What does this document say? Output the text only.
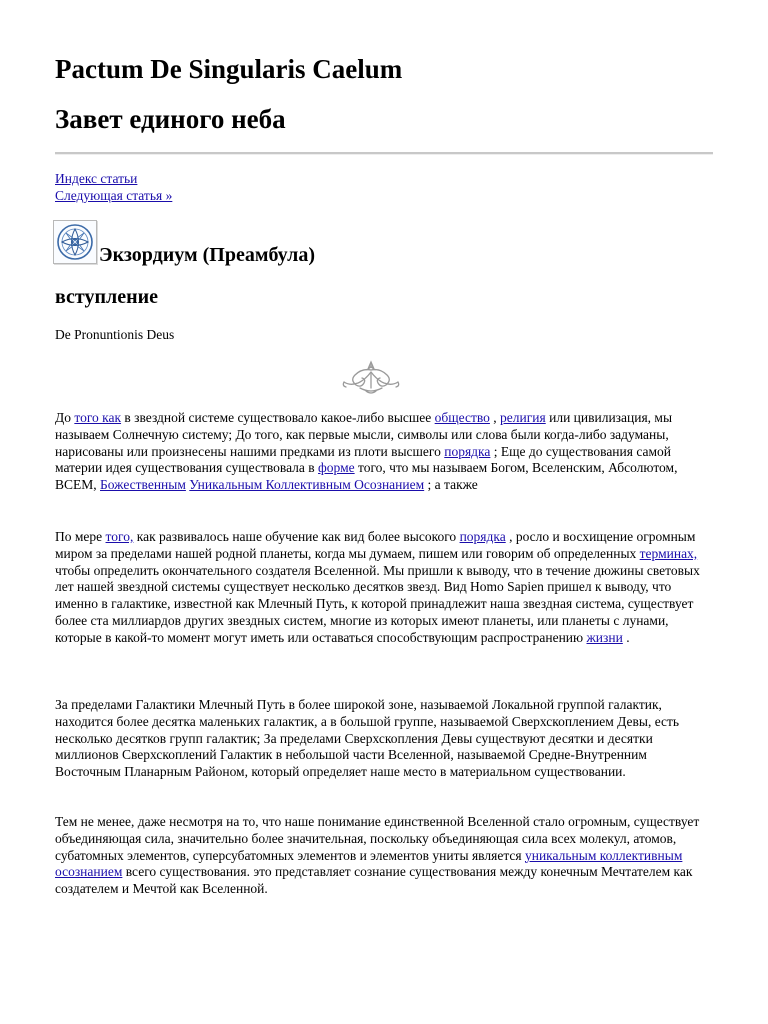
Pactum De Singularis Caelum
Завет единого неба
Индекс статьи
Следующая статья »
Экзордиум (Преамбула)
вступление

De Pronuntionis Deus

До того как в звездной системе существовало какое-либо высшее общество , религия или цивилизация, мы называем Солнечную систему; До того, как первые мысли, символы или слова были когда-либо задуманы, нарисованы или произнесены нашими предками из плоти высшего порядка ; Еще до существования самой материи идея существования существовала в форме того, что мы называем Богом, Вселенским, Абсолютом, ВСЕМ, Божественным Уникальным Коллективным Осознанием ; а также

По мере того, как развивалось наше обучение как вид более высокого порядка , росло и восхищение огромным миром за пределами нашей родной планеты, когда мы думаем, пишем или говорим об определенных терминах, чтобы определить окончательного создателя Вселенной. Мы пришли к выводу, что в течение дюжины световых лет нашей звездной системы существует несколько десятков звезд. Вид Homo Sapien пришел к выводу, что именно в галактике, известной как Млечный Путь, к которой принадлежит наша звездная система, существует более ста миллиардов других звездных систем, многие из которых имеют планеты, или планеты с лунами, которые в какой-то момент могут иметь или оставаться способствующим распространению жизни .

За пределами Галактики Млечный Путь в более широкой зоне, называемой Локальной группой галактик, находится более десятка маленьких галактик, а в большой группе, называемой Сверхскоплением Девы, есть несколько десятков групп галактик; За пределами Сверхскопления Девы существуют десятки и десятки миллионов Сверхскоплений Галактик в небольшой части Вселенной, называемой Средне-Внутренним Восточным Планарным Районом, который определяет наше место в материальном существовании.

Тем не менее, даже несмотря на то, что наше понимание единственной Вселенной стало огромным, существует объединяющая сила, значительно более значительная, поскольку объединяющая сила всех молекул, атомов, субатомных элементов, суперсубатомных элементов и элементов униты является уникальным коллективным осознанием всего существования. это представляет сознание существования между конечным Мечтателем как создателем и Мечтой как Вселенной.
